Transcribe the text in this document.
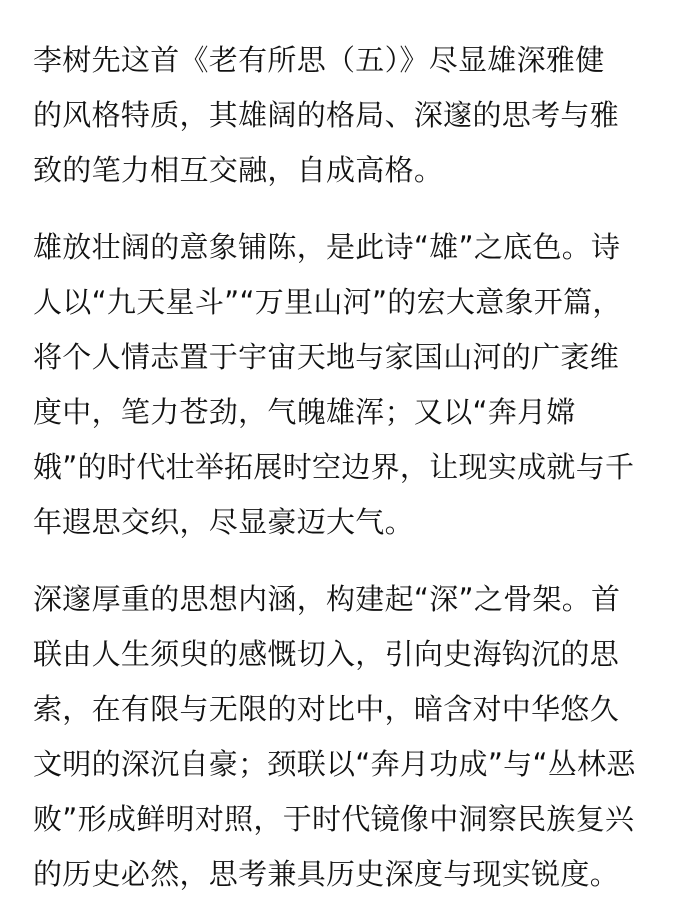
李树先这首《老有所思（五）》尽显雄深雅健
的风格特质，其雄阔的格局、深邃的思考与雅
致的笔力相互交融，自成高格。
雄放壮阔的意象铺陈，是此诗“雄”之底色。诗
人以“九天星斗”“万里山河”的宏大意象开篇，
将个人情志置于宇宙天地与家国山河的广袤维
度中，笔力苍劲，气魄雄浑；又以“奔月嫦
娥”的时代壮举拓展时空边界，让现实成就与千
年遐思交织，尽显豪迈大气。
深邃厚重的思想内涵，构建起“深”之骨架。首
联由人生须臾的感慨切入，引向史海钩沉的思
索，在有限与无限的对比中，暗含对中华悠久
文明的深沉自豪；颈联以“奔月功成”与“丛林恶
败”形成鲜明对照，于时代镜像中洞察民族复兴
的历史必然，思考兼具历史深度与现实锐度。
